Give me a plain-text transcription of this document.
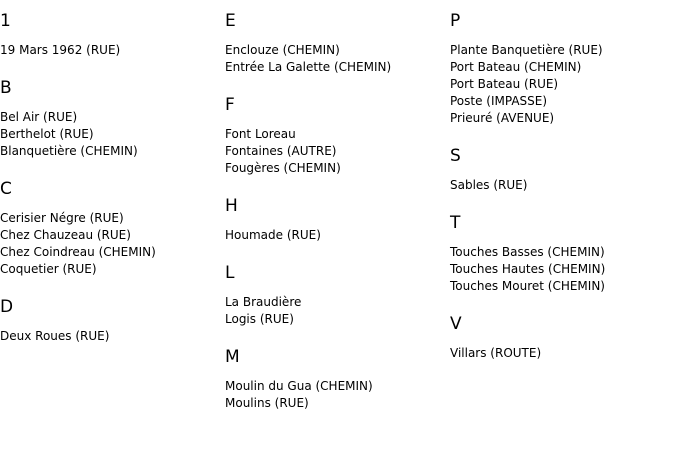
1
19 Mars 1962 (RUE)
B
Bel Air (RUE)
Berthelot (RUE)
Blanquetière (CHEMIN)
C
Cerisier Négre (RUE)
Chez Chauzeau (RUE)
Chez Coindreau (CHEMIN)
Coquetier (RUE)
D
Deux Roues (RUE)
E
Enclouze (CHEMIN)
Entrée La Galette (CHEMIN)
F
Font Loreau
Fontaines (AUTRE)
Fougères (CHEMIN)
H
Houmade (RUE)
L
La Braudière
Logis (RUE)
M
Moulin du Gua (CHEMIN)
Moulins (RUE)
P
Plante Banquetière (RUE)
Port Bateau (CHEMIN)
Port Bateau (RUE)
Poste (IMPASSE)
Prieuré (AVENUE)
S
Sables (RUE)
T
Touches Basses (CHEMIN)
Touches Hautes (CHEMIN)
Touches Mouret (CHEMIN)
V
Villars (ROUTE)
